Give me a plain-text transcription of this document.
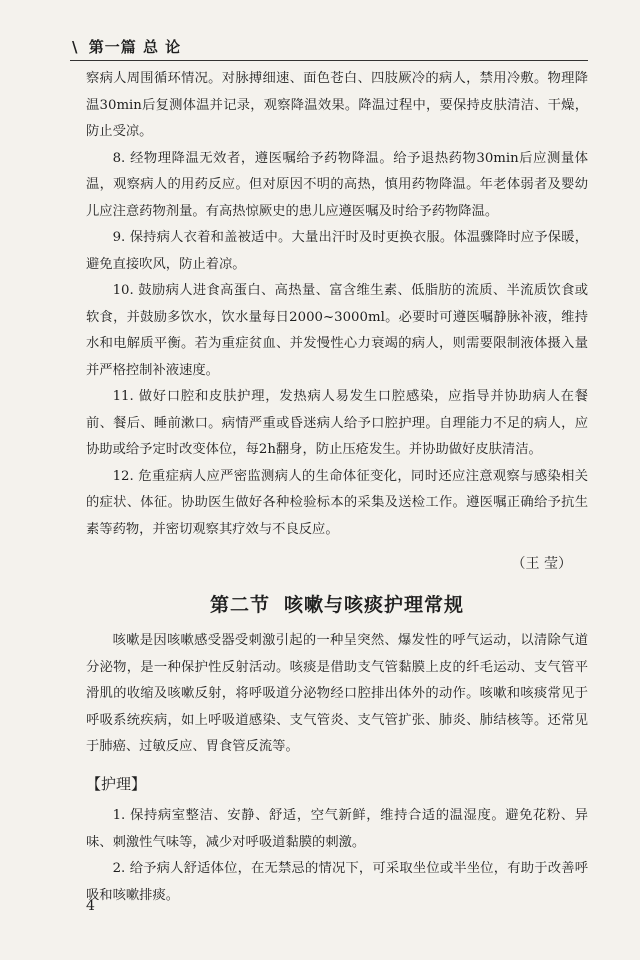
\ 第一篇 总 论

察病人周围循环情况。对脉搏细速、面色苍白、四肢厥冷的病人，禁用冷敷。物理降温30min后复测体温并记录，观察降温效果。降温过程中，要保持皮肤清洁、干燥，防止受凉。

8. 经物理降温无效者，遵医嘱给予药物降温。给予退热药物30min后应测量体温，观察病人的用药反应。但对原因不明的高热，慎用药物降温。年老体弱者及婴幼儿应注意药物剂量。有高热惊厥史的患儿应遵医嘱及时给予药物降温。

9. 保持病人衣着和盖被适中。大量出汗时及时更换衣服。体温骤降时应予保暖，避免直接吹风，防止着凉。

10. 鼓励病人进食高蛋白、高热量、富含维生素、低脂肪的流质、半流质饮食或软食，并鼓励多饮水，饮水量每日2000~3000ml。必要时可遵医嘱静脉补液，维持水和电解质平衡。若为重症贫血、并发慢性心力衰竭的病人，则需要限制液体摄入量并严格控制补液速度。

11. 做好口腔和皮肤护理，发热病人易发生口腔感染，应指导并协助病人在餐前、餐后、睡前漱口。病情严重或昏迷病人给予口腔护理。自理能力不足的病人，应协助或给予定时改变体位，每2h翻身，防止压疮发生。并协助做好皮肤清洁。

12. 危重症病人应严密监测病人的生命体征变化，同时还应注意观察与感染相关的症状、体征。协助医生做好各种检验标本的采集及送检工作。遵医嘱正确给予抗生素等药物，并密切观察其疗效与不良反应。

（王 莹）

第二节 咳嗽与咳痰护理常规

咳嗽是因咳嗽感受器受刺激引起的一种呈突然、爆发性的呼气运动，以清除气道分泌物，是一种保护性反射活动。咳痰是借助支气管黏膜上皮的纤毛运动、支气管平滑肌的收缩及咳嗽反射，将呼吸道分泌物经口腔排出体外的动作。咳嗽和咳痰常见于呼吸系统疾病，如上呼吸道感染、支气管炎、支气管扩张、肺炎、肺结核等。还常见于肺癌、过敏反应、胃食管反流等。

【护理】

1. 保持病室整洁、安静、舒适，空气新鲜，维持合适的温湿度。避免花粉、异味、刺激性气味等，减少对呼吸道黏膜的刺激。

2. 给予病人舒适体位，在无禁忌的情况下，可采取坐位或半坐位，有助于改善呼吸和咳嗽排痰。

4
